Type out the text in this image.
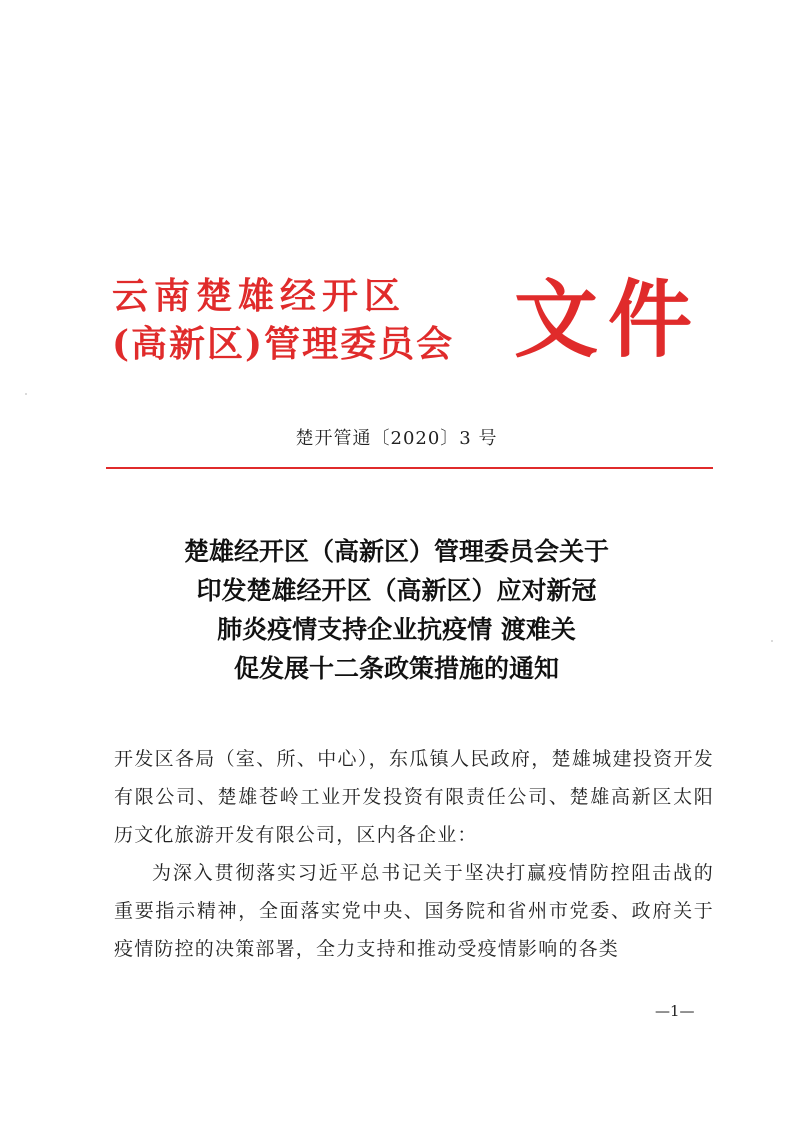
云南楚雄经开区
(高新区)管理委员会 文件
楚开管通〔2020〕3 号
楚雄经开区（高新区）管理委员会关于
印发楚雄经开区（高新区）应对新冠
肺炎疫情支持企业抗疫情 渡难关
促发展十二条政策措施的通知

开发区各局（室、所、中心），东瓜镇人民政府，楚雄城建投资开发有限公司、楚雄苍岭工业开发投资有限责任公司、楚雄高新区太阳历文化旅游开发有限公司，区内各企业：

为深入贯彻落实习近平总书记关于坚决打赢疫情防控阻击战的重要指示精神，全面落实党中央、国务院和省州市党委、政府关于疫情防控的决策部署，全力支持和推动受疫情影响的各类

—1—
